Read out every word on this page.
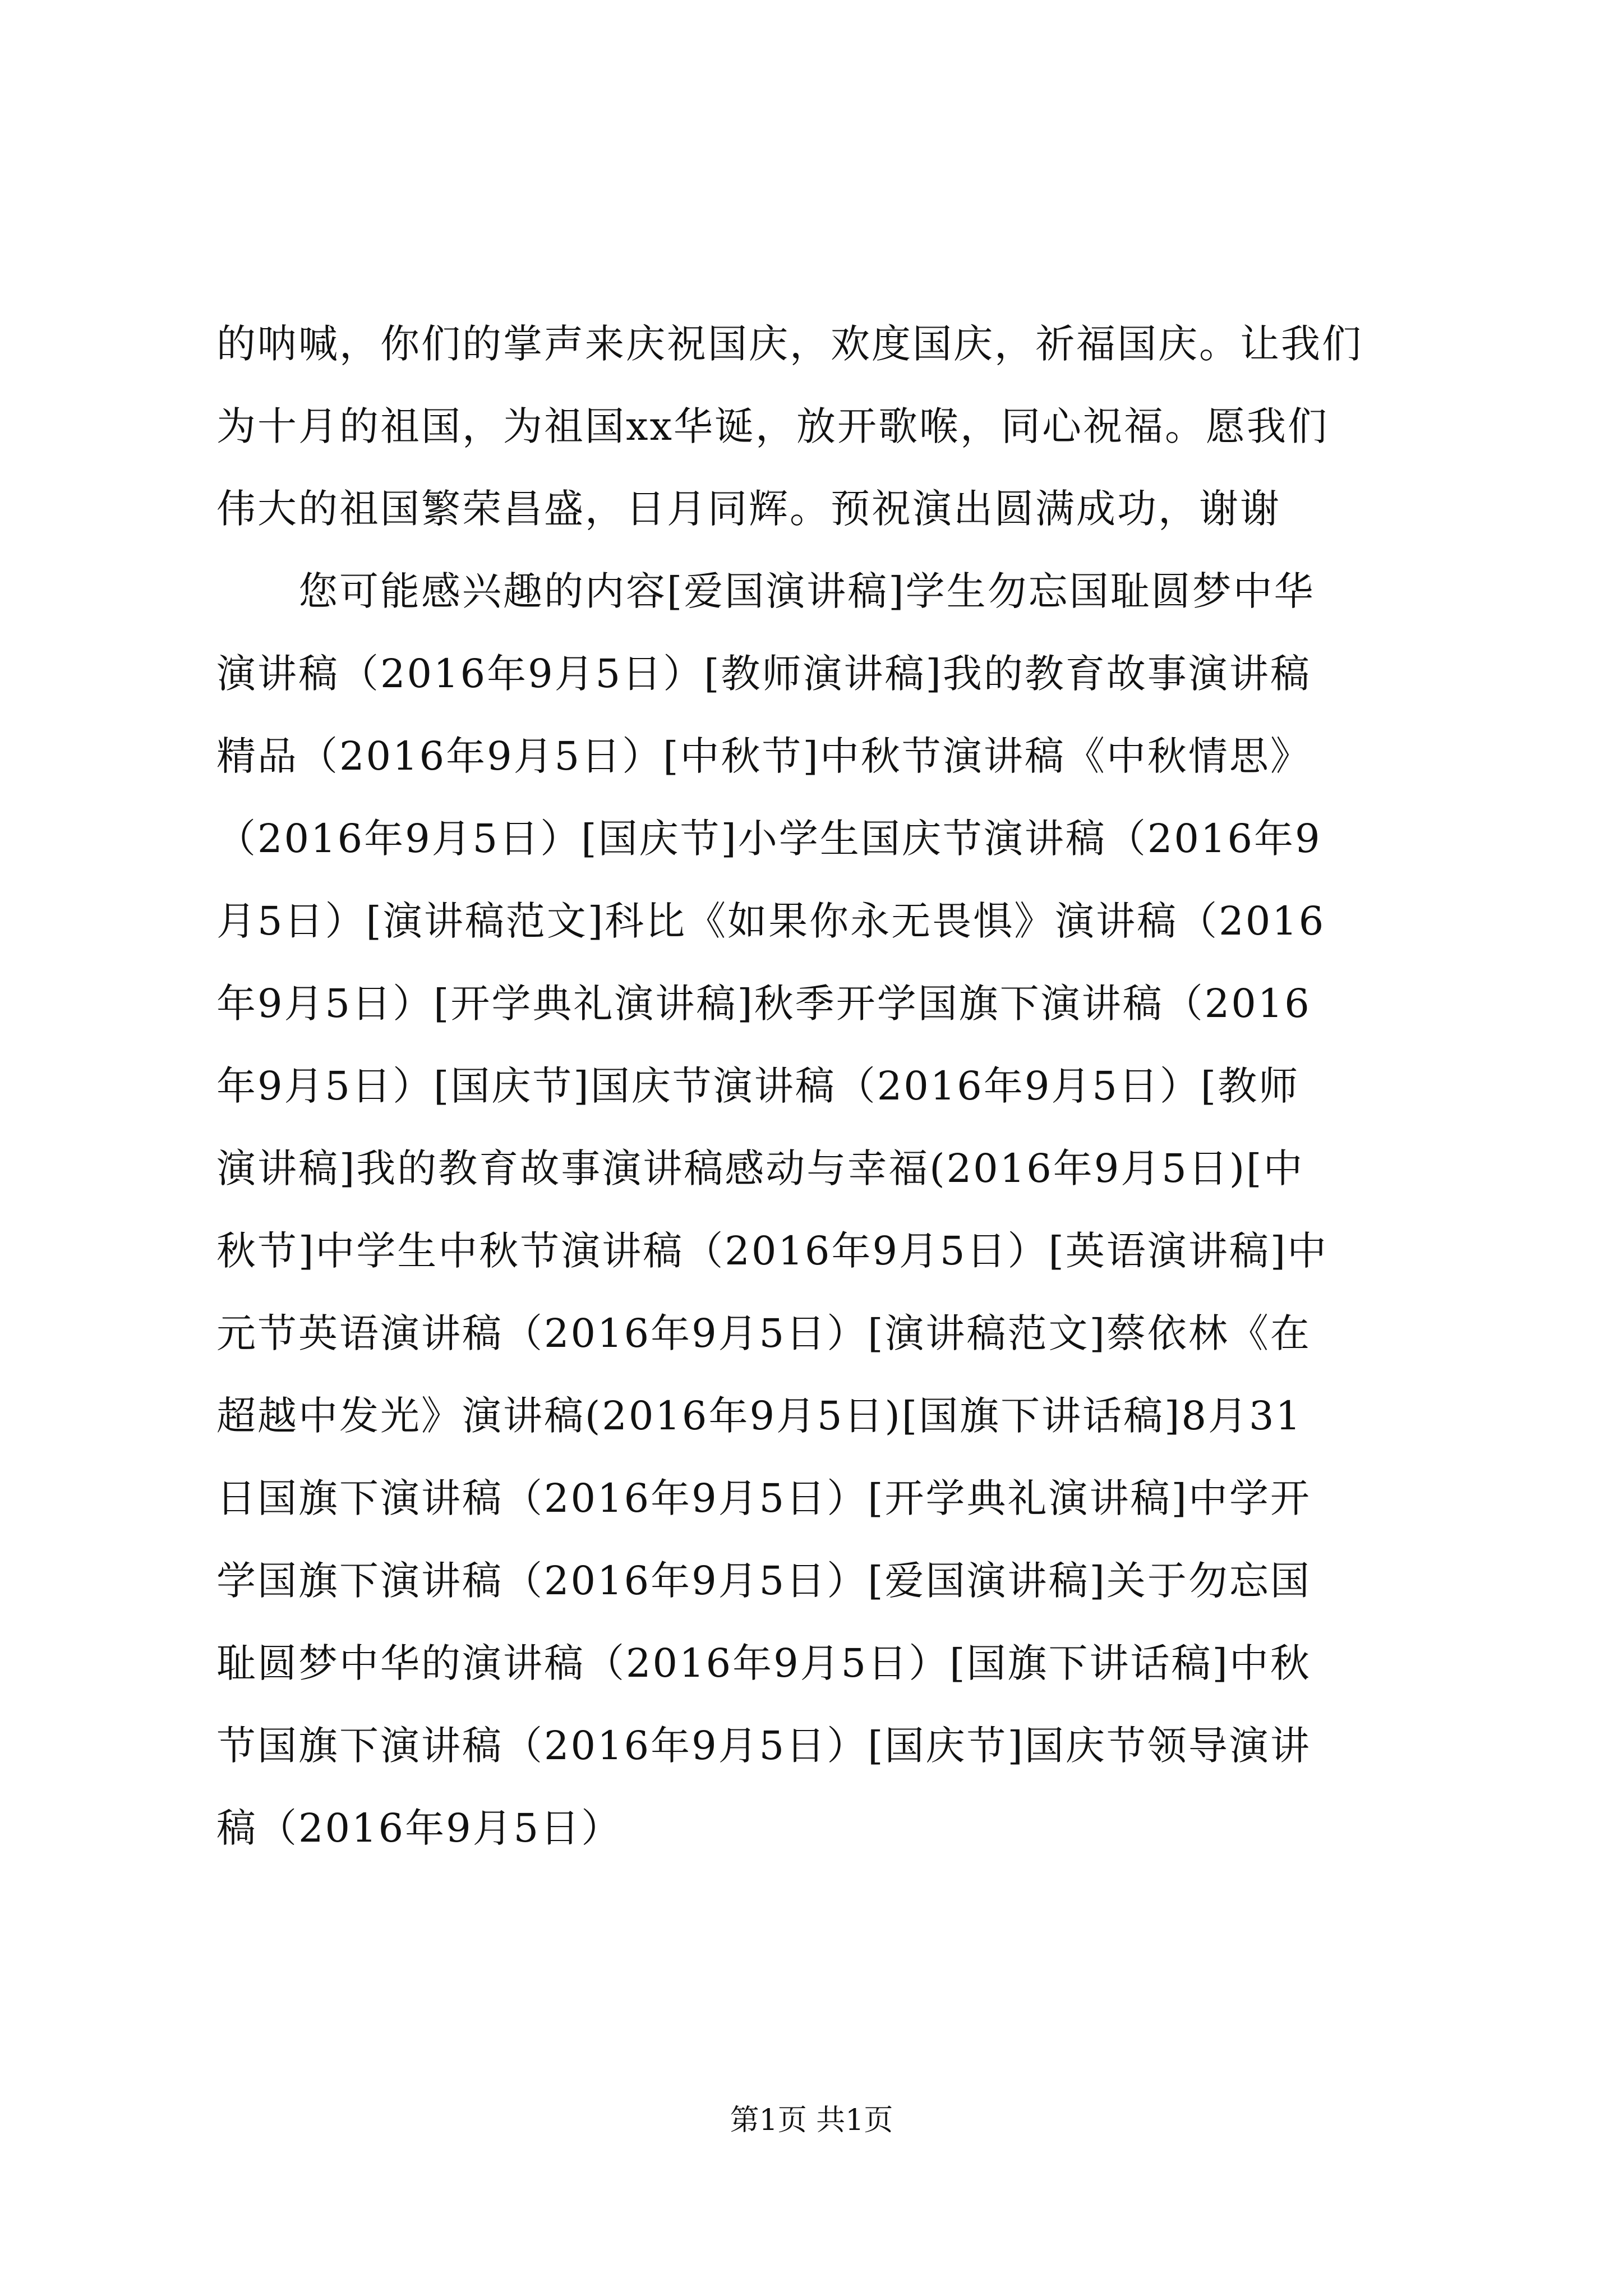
的呐喊，你们的掌声来庆祝国庆，欢度国庆，祈福国庆。让我们
为十月的祖国，为祖国xx华诞，放开歌喉，同心祝福。愿我们
伟大的祖国繁荣昌盛，日月同辉。预祝演出圆满成功，谢谢
　　您可能感兴趣的内容[爱国演讲稿]学生勿忘国耻圆梦中华
演讲稿（2016年9月5日）[教师演讲稿]我的教育故事演讲稿
精品（2016年9月5日）[中秋节]中秋节演讲稿《中秋情思》
（2016年9月5日）[国庆节]小学生国庆节演讲稿（2016年9
月5日）[演讲稿范文]科比《如果你永无畏惧》演讲稿（2016
年9月5日）[开学典礼演讲稿]秋季开学国旗下演讲稿（2016
年9月5日）[国庆节]国庆节演讲稿（2016年9月5日）[教师
演讲稿]我的教育故事演讲稿感动与幸福(2016年9月5日)[中
秋节]中学生中秋节演讲稿（2016年9月5日）[英语演讲稿]中
元节英语演讲稿（2016年9月5日）[演讲稿范文]蔡依林《在
超越中发光》演讲稿(2016年9月5日)[国旗下讲话稿]8月31
日国旗下演讲稿（2016年9月5日）[开学典礼演讲稿]中学开
学国旗下演讲稿（2016年9月5日）[爱国演讲稿]关于勿忘国
耻圆梦中华的演讲稿（2016年9月5日）[国旗下讲话稿]中秋
节国旗下演讲稿（2016年9月5日）[国庆节]国庆节领导演讲
稿（2016年9月5日）
第1页 共1页
